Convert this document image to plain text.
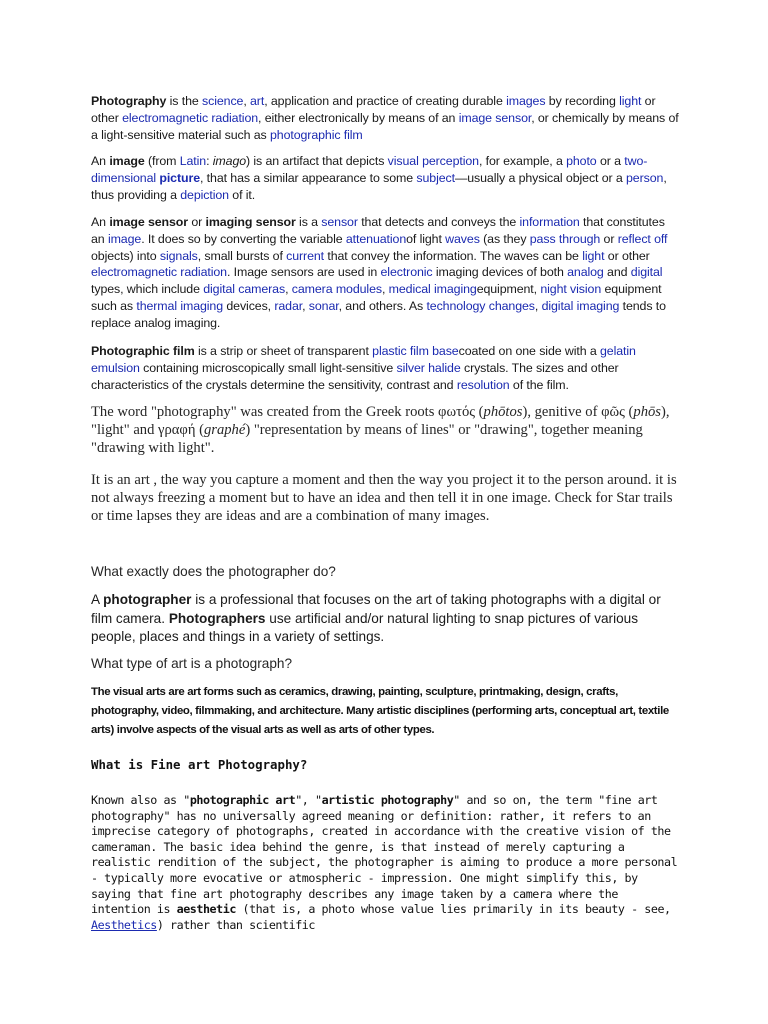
Photography is the science, art, application and practice of creating durable images by recording light or other electromagnetic radiation, either electronically by means of an image sensor, or chemically by means of a light-sensitive material such as photographic film

An image (from Latin: imago) is an artifact that depicts visual perception, for example, a photo or a two-dimensional picture, that has a similar appearance to some subject—usually a physical object or a person, thus providing a depiction of it.

An image sensor or imaging sensor is a sensor that detects and conveys the information that constitutes an image. It does so by converting the variable attenuationof light waves (as they pass through or reflect off objects) into signals, small bursts of current that convey the information. The waves can be light or other electromagnetic radiation. Image sensors are used in electronic imaging devices of both analog and digital types, which include digital cameras, camera modules, medical imagingequipment, night vision equipment such as thermal imaging devices, radar, sonar, and others. As technology changes, digital imaging tends to replace analog imaging.

Photographic film is a strip or sheet of transparent plastic film basecoated on one side with a gelatin emulsion containing microscopically small light-sensitive silver halide crystals. The sizes and other characteristics of the crystals determine the sensitivity, contrast and resolution of the film.

The word "photography" was created from the Greek roots φωτός (phōtos), genitive of φῶς (phōs), "light" and γραφή (graphé) "representation by means of lines" or "drawing", together meaning "drawing with light".

It is an art , the way you capture a moment and then the way you project it to the person around. it is not always freezing a moment but to have an idea and then tell it in one image. Check for Star trails or time lapses they are ideas and are a combination of many images.

What exactly does the photographer do?

A photographer is a professional that focuses on the art of taking photographs with a digital or film camera. Photographers use artificial and/or natural lighting to snap pictures of various people, places and things in a variety of settings.

What type of art is a photograph?

The visual arts are art forms such as ceramics, drawing, painting, sculpture, printmaking, design, crafts, photography, video, filmmaking, and architecture. Many artistic disciplines (performing arts, conceptual art, textile arts) involve aspects of the visual arts as well as arts of other types.

What is Fine art Photography?

Known also as "photographic art", "artistic photography" and so on, the term "fine art photography" has no universally agreed meaning or definition: rather, it refers to an imprecise category of photographs, created in accordance with the creative vision of the cameraman. The basic idea behind the genre, is that instead of merely capturing a realistic rendition of the subject, the photographer is aiming to produce a more personal - typically more evocative or atmospheric - impression. One might simplify this, by saying that fine art photography describes any image taken by a camera where the intention is aesthetic (that is, a photo whose value lies primarily in its beauty - see, Aesthetics) rather than scientific
